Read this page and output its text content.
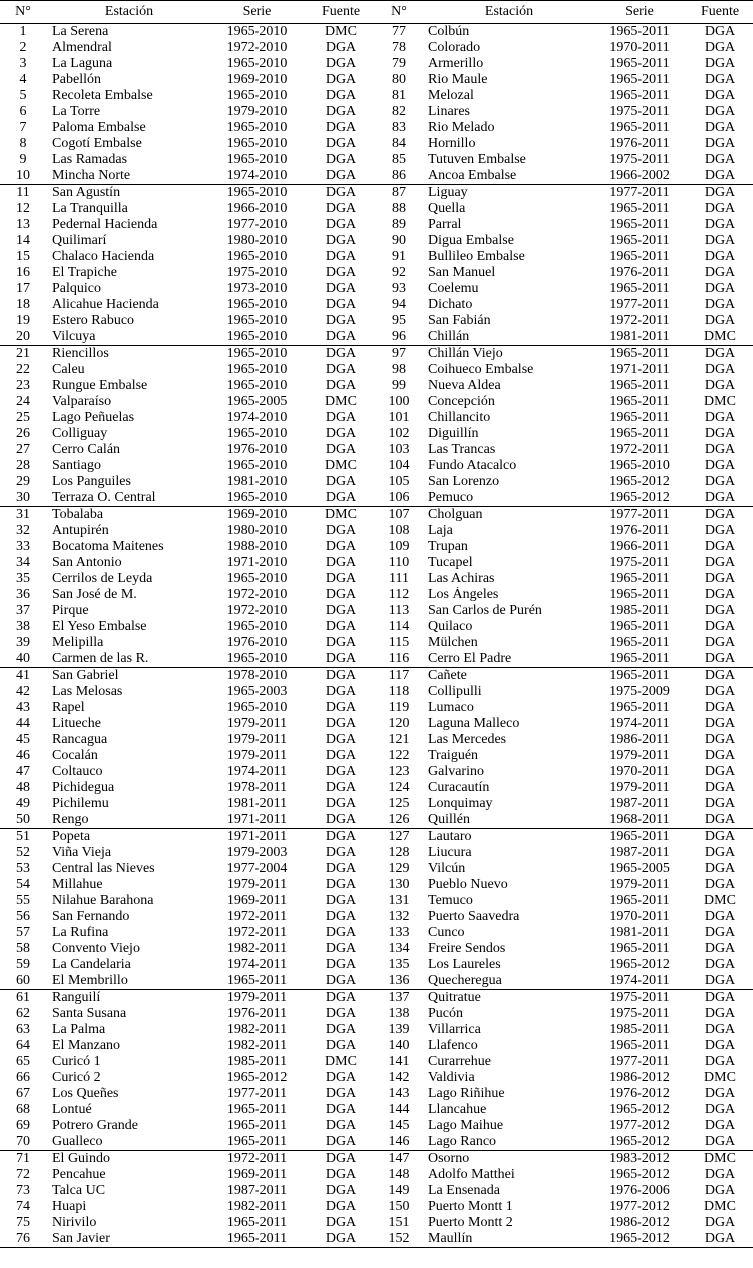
N°	Estación	Serie	Fuente	N°	Estación	Serie	Fuente
1	La Serena	1965-2010	DMC	77	Colbún	1965-2011	DGA
2	Almendral	1972-2010	DGA	78	Colorado	1970-2011	DGA
3	La Laguna	1965-2010	DGA	79	Armerillo	1965-2011	DGA
4	Pabellón	1969-2010	DGA	80	Rio Maule	1965-2011	DGA
5	Recoleta Embalse	1965-2010	DGA	81	Melozal	1965-2011	DGA
6	La Torre	1979-2010	DGA	82	Linares	1975-2011	DGA
7	Paloma Embalse	1965-2010	DGA	83	Rio Melado	1965-2011	DGA
8	Cogotí Embalse	1965-2010	DGA	84	Hornillo	1976-2011	DGA
9	Las Ramadas	1965-2010	DGA	85	Tutuven Embalse	1975-2011	DGA
10	Mincha Norte	1974-2010	DGA	86	Ancoa Embalse	1966-2002	DGA
11	San Agustín	1965-2010	DGA	87	Liguay	1977-2011	DGA
12	La Tranquilla	1966-2010	DGA	88	Quella	1965-2011	DGA
13	Pedernal Hacienda	1977-2010	DGA	89	Parral	1965-2011	DGA
14	Quilimarí	1980-2010	DGA	90	Digua Embalse	1965-2011	DGA
15	Chalaco Hacienda	1965-2010	DGA	91	Bullileo Embalse	1965-2011	DGA
16	El Trapiche	1975-2010	DGA	92	San Manuel	1976-2011	DGA
17	Palquico	1973-2010	DGA	93	Coelemu	1965-2011	DGA
18	Alicahue Hacienda	1965-2010	DGA	94	Dichato	1977-2011	DGA
19	Estero Rabuco	1965-2010	DGA	95	San Fabián	1972-2011	DGA
20	Vilcuya	1965-2010	DGA	96	Chillán	1981-2011	DMC
21	Riencillos	1965-2010	DGA	97	Chillán Viejo	1965-2011	DGA
22	Caleu	1965-2010	DGA	98	Coihueco Embalse	1971-2011	DGA
23	Rungue Embalse	1965-2010	DGA	99	Nueva Aldea	1965-2011	DGA
24	Valparaíso	1965-2005	DMC	100	Concepción	1965-2011	DMC
25	Lago Peñuelas	1974-2010	DGA	101	Chillancito	1965-2011	DGA
26	Colliguay	1965-2010	DGA	102	Diguillín	1965-2011	DGA
27	Cerro Calán	1976-2010	DGA	103	Las Trancas	1972-2011	DGA
28	Santiago	1965-2010	DMC	104	Fundo Atacalco	1965-2010	DGA
29	Los Panguiles	1981-2010	DGA	105	San Lorenzo	1965-2012	DGA
30	Terraza O. Central	1965-2010	DGA	106	Pemuco	1965-2012	DGA
31	Tobalaba	1969-2010	DMC	107	Cholguan	1977-2011	DGA
32	Antupirén	1980-2010	DGA	108	Laja	1976-2011	DGA
33	Bocatoma Maitenes	1988-2010	DGA	109	Trupan	1966-2011	DGA
34	San Antonio	1971-2010	DGA	110	Tucapel	1975-2011	DGA
35	Cerrilos de Leyda	1965-2010	DGA	111	Las Achiras	1965-2011	DGA
36	San José de M.	1972-2010	DGA	112	Los Ángeles	1965-2011	DGA
37	Pirque	1972-2010	DGA	113	San Carlos de Purén	1985-2011	DGA
38	El Yeso Embalse	1965-2010	DGA	114	Quilaco	1965-2011	DGA
39	Melipilla	1976-2010	DGA	115	Mülchen	1965-2011	DGA
40	Carmen de las R.	1965-2010	DGA	116	Cerro El Padre	1965-2011	DGA
41	San Gabriel	1978-2010	DGA	117	Cañete	1965-2011	DGA
42	Las Melosas	1965-2003	DGA	118	Collipulli	1975-2009	DGA
43	Rapel	1965-2010	DGA	119	Lumaco	1965-2011	DGA
44	Litueche	1979-2011	DGA	120	Laguna Malleco	1974-2011	DGA
45	Rancagua	1979-2011	DGA	121	Las Mercedes	1986-2011	DGA
46	Cocalán	1979-2011	DGA	122	Traiguén	1979-2011	DGA
47	Coltauco	1974-2011	DGA	123	Galvarino	1970-2011	DGA
48	Pichidegua	1978-2011	DGA	124	Curacautín	1979-2011	DGA
49	Pichilemu	1981-2011	DGA	125	Lonquimay	1987-2011	DGA
50	Rengo	1971-2011	DGA	126	Quillén	1968-2011	DGA
51	Popeta	1971-2011	DGA	127	Lautaro	1965-2011	DGA
52	Viña Vieja	1979-2003	DGA	128	Liucura	1987-2011	DGA
53	Central las Nieves	1977-2004	DGA	129	Vilcún	1965-2005	DGA
54	Millahue	1979-2011	DGA	130	Pueblo Nuevo	1979-2011	DGA
55	Nilahue Barahona	1969-2011	DGA	131	Temuco	1965-2011	DMC
56	San Fernando	1972-2011	DGA	132	Puerto Saavedra	1970-2011	DGA
57	La Rufina	1972-2011	DGA	133	Cunco	1981-2011	DGA
58	Convento Viejo	1982-2011	DGA	134	Freire Sendos	1965-2011	DGA
59	La Candelaria	1974-2011	DGA	135	Los Laureles	1965-2012	DGA
60	El Membrillo	1965-2011	DGA	136	Quecheregua	1974-2011	DGA
61	Ranguilí	1979-2011	DGA	137	Quitratue	1975-2011	DGA
62	Santa Susana	1976-2011	DGA	138	Pucón	1975-2011	DGA
63	La Palma	1982-2011	DGA	139	Villarrica	1985-2011	DGA
64	El Manzano	1982-2011	DGA	140	Llafenco	1965-2011	DGA
65	Curicó 1	1985-2011	DMC	141	Curarrehue	1977-2011	DGA
66	Curicó 2	1965-2012	DGA	142	Valdivia	1986-2012	DMC
67	Los Queñes	1977-2011	DGA	143	Lago Riñihue	1976-2012	DGA
68	Lontué	1965-2011	DGA	144	Llancahue	1965-2012	DGA
69	Potrero Grande	1965-2011	DGA	145	Lago Maihue	1977-2012	DGA
70	Gualleco	1965-2011	DGA	146	Lago Ranco	1965-2012	DGA
71	El Guindo	1972-2011	DGA	147	Osorno	1983-2012	DMC
72	Pencahue	1969-2011	DGA	148	Adolfo Matthei	1965-2012	DGA
73	Talca UC	1987-2011	DGA	149	La Ensenada	1976-2006	DGA
74	Huapi	1982-2011	DGA	150	Puerto Montt 1	1977-2012	DMC
75	Nirivilo	1965-2011	DGA	151	Puerto Montt 2	1986-2012	DGA
76	San Javier	1965-2011	DGA	152	Maullín	1965-2012	DGA
